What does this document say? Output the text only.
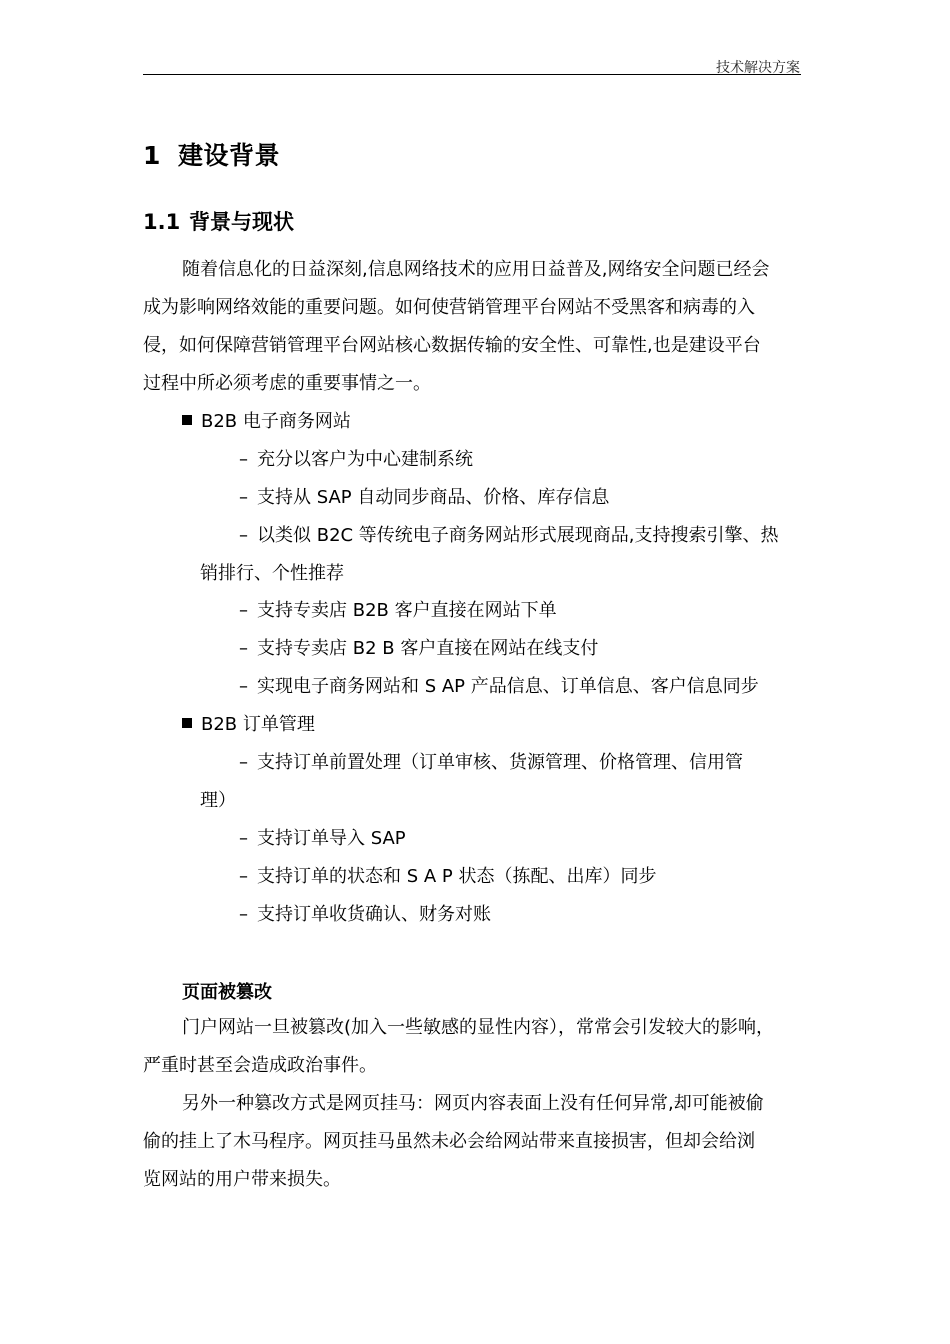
技术解决方案
1 建设背景
1.1 背景与现状
随着信息化的日益深刻,信息网络技术的应用日益普及,网络安全问题已经会
成为影响网络效能的重要问题。如何使营销管理平台网站不受黑客和病毒的入
侵，如何保障营销管理平台网站核心数据传输的安全性、可靠性,也是建设平台
过程中所必须考虑的重要事情之一。
B2B 电子商务网站
– 充分以客户为中心建制系统
– 支持从 SAP 自动同步商品、价格、库存信息
– 以类似 B2C 等传统电子商务网站形式展现商品,支持搜索引擎、热
销排行、个性推荐
– 支持专卖店 B2B 客户直接在网站下单
– 支持专卖店 B2 B 客户直接在网站在线支付
– 实现电子商务网站和 S AP 产品信息、订单信息、客户信息同步
B2B 订单管理
– 支持订单前置处理（订单审核、货源管理、价格管理、信用管
理）
– 支持订单导入 SAP
– 支持订单的状态和 S A P 状态（拣配、出库）同步
– 支持订单收货确认、财务对账
页面被篡改
门户网站一旦被篡改(加入一些敏感的显性内容），常常会引发较大的影响，
严重时甚至会造成政治事件。
另外一种篡改方式是网页挂马：网页内容表面上没有任何异常,却可能被偷
偷的挂上了木马程序。网页挂马虽然未必会给网站带来直接损害，但却会给浏
览网站的用户带来损失。
